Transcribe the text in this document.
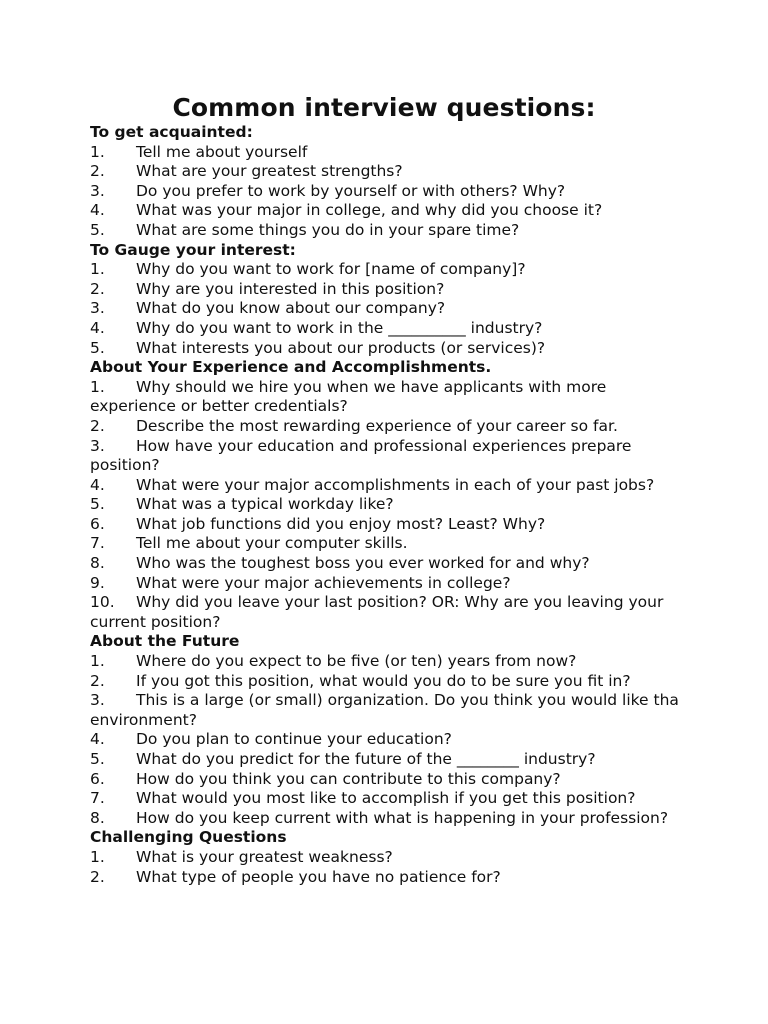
Common interview questions:
To get acquainted:
1. Tell me about yourself
2. What are your greatest strengths?
3. Do you prefer to work by yourself or with others? Why?
4. What was your major in college, and why did you choose it?
5. What are some things you do in your spare time?
To Gauge your interest:
1. Why do you want to work for [name of company]?
2. Why are you interested in this position?
3. What do you know about our company?
4. Why do you want to work in the __________ industry?
5. What interests you about our products (or services)?
About Your Experience and Accomplishments.
1. Why should we hire you when we have applicants with more experience or better credentials?
2. Describe the most rewarding experience of your career so far.
3. How have your education and professional experiences prepare position?
4. What were your major accomplishments in each of your past jobs?
5. What was a typical workday like?
6. What job functions did you enjoy most? Least? Why?
7. Tell me about your computer skills.
8. Who was the toughest boss you ever worked for and why?
9. What were your major achievements in college?
10. Why did you leave your last position? OR: Why are you leaving your current position?
About the Future
1. Where do you expect to be five (or ten) years from now?
2. If you got this position, what would you do to be sure you fit in?
3. This is a large (or small) organization. Do you think you would like tha environment?
4. Do you plan to continue your education?
5. What do you predict for the future of the ________ industry?
6. How do you think you can contribute to this company?
7. What would you most like to accomplish if you get this position?
8. How do you keep current with what is happening in your profession?
Challenging Questions
1. What is your greatest weakness?
2. What type of people you have no patience for?
